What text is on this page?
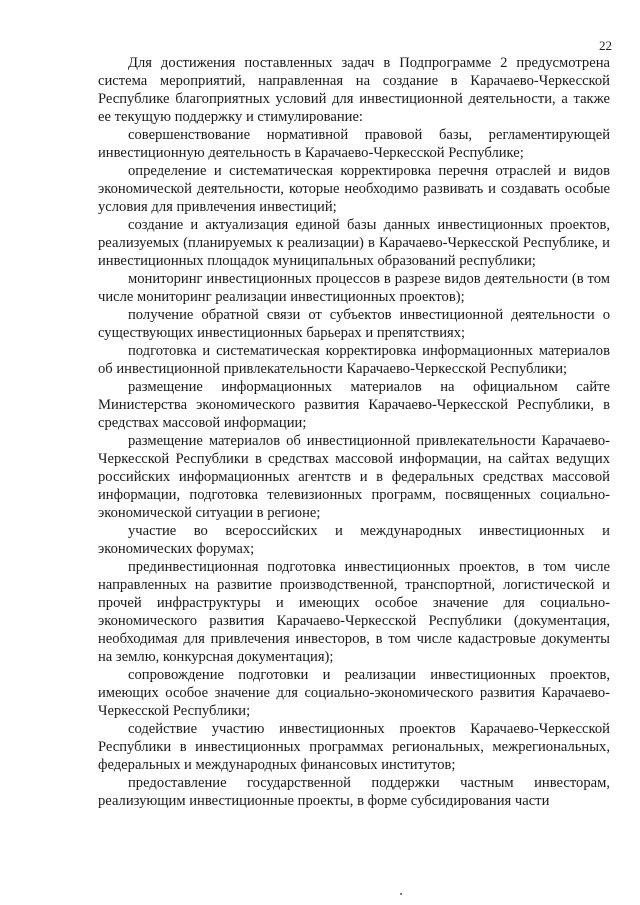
22

Для достижения поставленных задач в Подпрограмме 2 предусмотрена система мероприятий, направленная на создание в Карачаево-Черкесской Республике благоприятных условий для инвестиционной деятельности, а также ее текущую поддержку и стимулирование:

совершенствование нормативной правовой базы, регламентирующей инвестиционную деятельность в Карачаево-Черкесской Республике;

определение и систематическая корректировка перечня отраслей и видов экономической деятельности, которые необходимо развивать и создавать особые условия для привлечения инвестиций;

создание и актуализация единой базы данных инвестиционных проектов, реализуемых (планируемых к реализации) в Карачаево-Черкесской Республике, и инвестиционных площадок муниципальных образований республики;

мониторинг инвестиционных процессов в разрезе видов деятельности (в том числе мониторинг реализации инвестиционных проектов);

получение обратной связи от субъектов инвестиционной деятельности о существующих инвестиционных барьерах и препятствиях;

подготовка и систематическая корректировка информационных материалов об инвестиционной привлекательности Карачаево-Черкесской Республики;

размещение информационных материалов на официальном сайте Министерства экономического развития Карачаево-Черкесской Республики, в средствах массовой информации;

размещение материалов об инвестиционной привлекательности Карачаево-Черкесской Республики в средствах массовой информации, на сайтах ведущих российских информационных агентств и в федеральных средствах массовой информации, подготовка телевизионных программ, посвященных социально-экономической ситуации в регионе;

участие во всероссийских и международных инвестиционных и экономических форумах;

прединвестиционная подготовка инвестиционных проектов, в том числе направленных на развитие производственной, транспортной, логистической и прочей инфраструктуры и имеющих особое значение для социально-экономического развития Карачаево-Черкесской Республики (документация, необходимая для привлечения инвесторов, в том числе кадастровые документы на землю, конкурсная документация);

сопровождение подготовки и реализации инвестиционных проектов, имеющих особое значение для социально-экономического развития Карачаево-Черкесской Республики;

содействие участию инвестиционных проектов Карачаево-Черкесской Республики в инвестиционных программах региональных, межрегиональных, федеральных и международных финансовых институтов;

предоставление государственной поддержки частным инвесторам, реализующим инвестиционные проекты, в форме субсидирования части
